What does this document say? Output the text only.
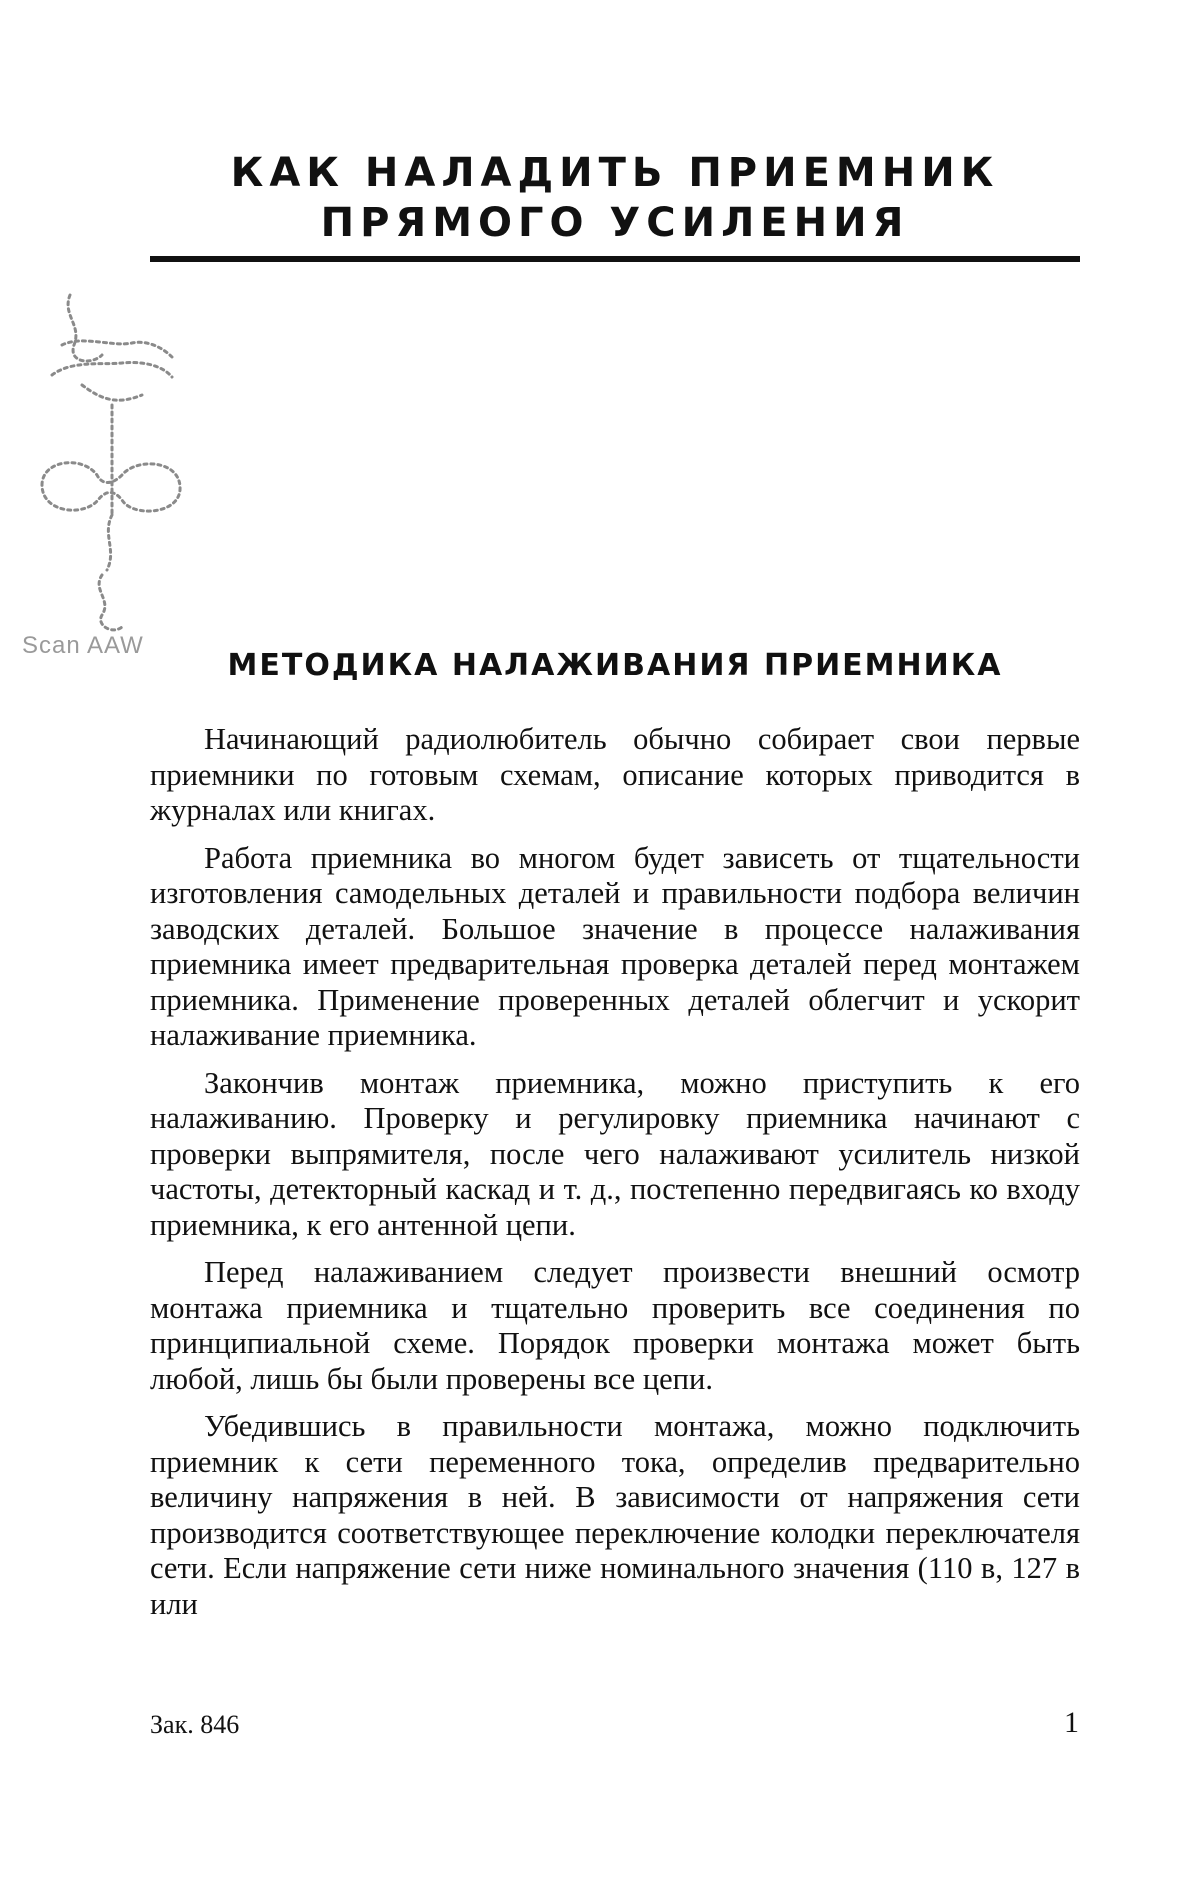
КАК НАЛАДИТЬ ПРИЕМНИК
ПРЯМОГО УСИЛЕНИЯ
Scan AAW
МЕТОДИКА НАЛАЖИВАНИЯ ПРИЕМНИКА

Начинающий радиолюбитель обычно собирает свои первые приемники по готовым схемам, описание которых приводится в журналах или книгах.

Работа приемника во многом будет зависеть от тщательности изготовления самодельных деталей и правильности подбора величин заводских деталей. Большое значение в процессе налаживания приемника имеет предварительная проверка деталей перед монтажем приемника. Применение проверенных деталей облегчит и ускорит налаживание приемника.

Закончив монтаж приемника, можно приступить к его налаживанию. Проверку и регулировку приемника начинают с проверки выпрямителя, после чего налаживают усилитель низкой частоты, детекторный каскад и т. д., постепенно передвигаясь ко входу приемника, к его антенной цепи.

Перед налаживанием следует произвести внешний осмотр монтажа приемника и тщательно проверить все соединения по принципиальной схеме. Порядок проверки монтажа может быть любой, лишь бы были проверены все цепи.

Убедившись в правильности монтажа, можно подключить приемник к сети переменного тока, определив предварительно величину напряжения в ней. В зависимости от напряжения сети производится соответствующее переключение колодки переключателя сети. Если напряжение сети ниже номинального значения (110 в, 127 в или

Зак. 846	1
